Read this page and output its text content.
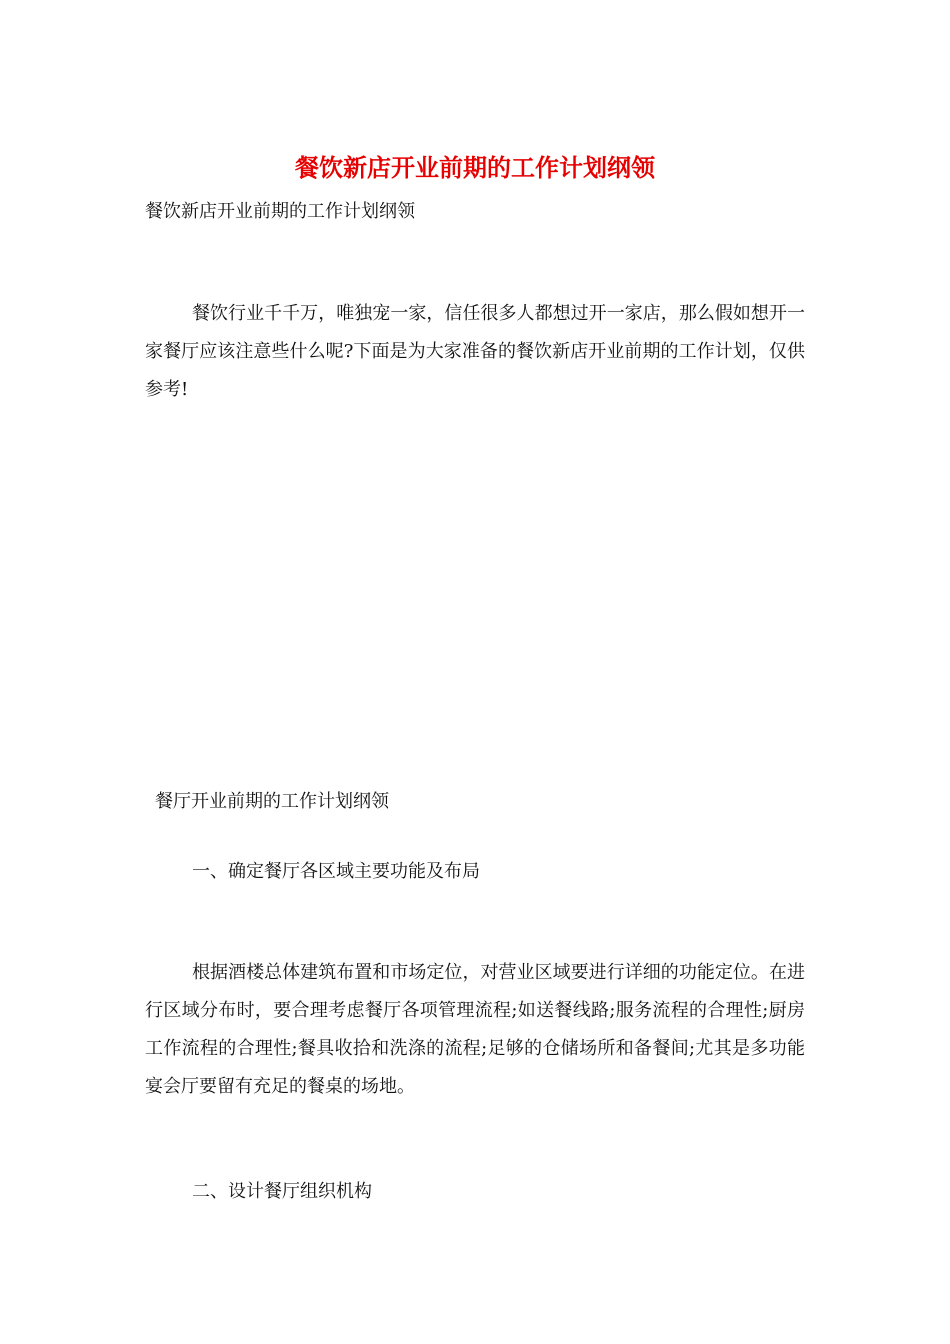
餐饮新店开业前期的工作计划纲领
餐饮新店开业前期的工作计划纲领
餐饮行业千千万，唯独宠一家，信任很多人都想过开一家店，那么假如想开一家餐厅应该注意些什么呢?下面是为大家准备的餐饮新店开业前期的工作计划，仅供参考!
餐厅开业前期的工作计划纲领
一、确定餐厅各区域主要功能及布局
根据酒楼总体建筑布置和市场定位，对营业区域要进行详细的功能定位。在进行区域分布时，要合理考虑餐厅各项管理流程;如送餐线路;服务流程的合理性;厨房工作流程的合理性;餐具收拾和洗涤的流程;足够的仓储场所和备餐间;尤其是多功能宴会厅要留有充足的餐桌的场地。
二、设计餐厅组织机构
